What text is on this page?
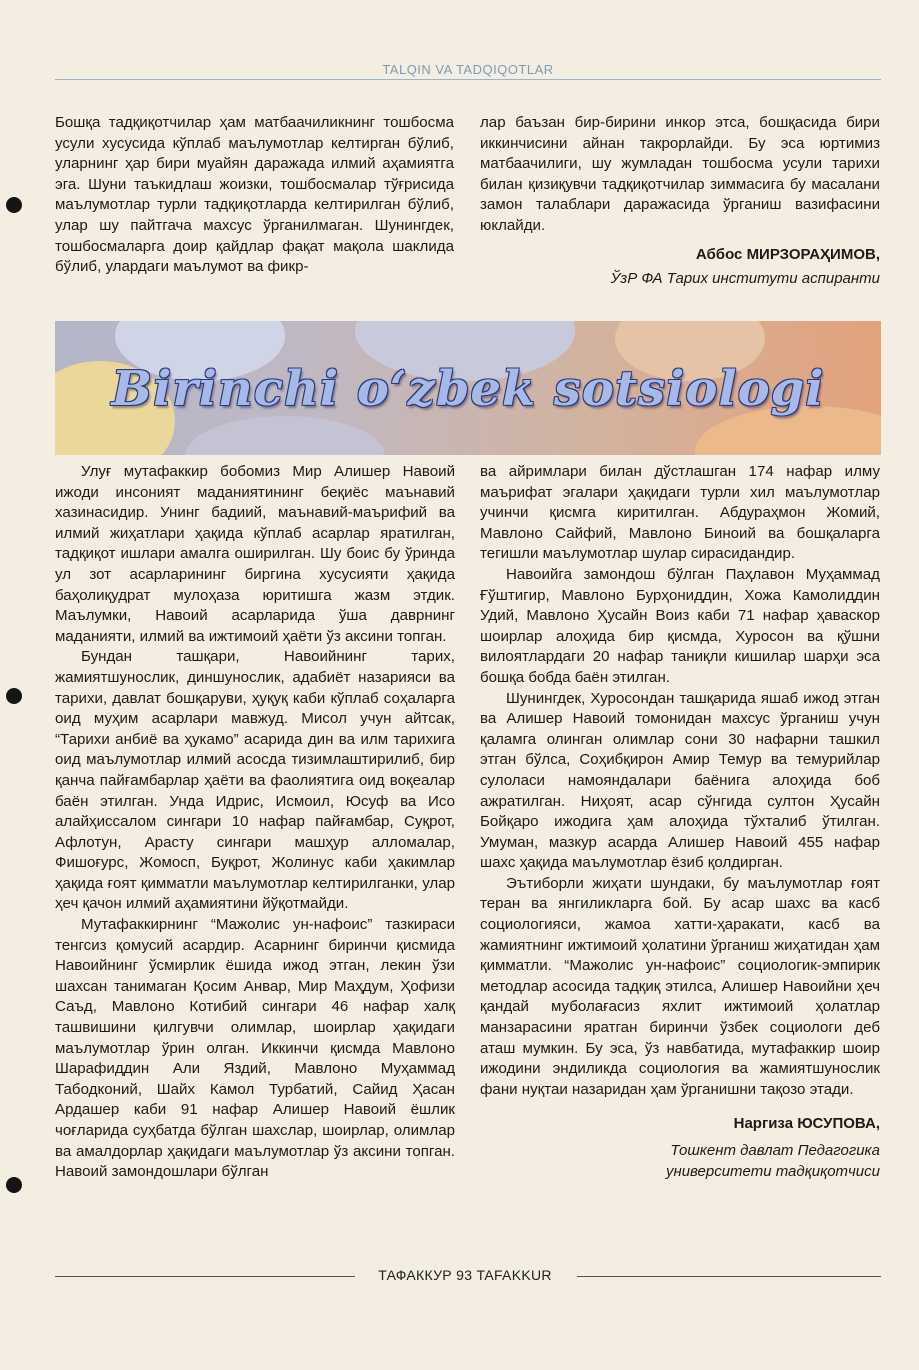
TALQIN VA TADQIQOTLAR

Бошқа тадқиқотчилар ҳам матбаачиликнинг тошбосма усули хусусида кўплаб маълумотлар келтирган бўлиб, уларнинг ҳар бири муайян даражада илмий аҳамиятга эга. Шуни таъкидлаш жоизки, тошбосмалар тўғрисида маълумотлар турли тадқиқотларда келтирилган бўлиб, улар шу пайтгача махсус ўрганилмаган. Шунингдек, тошбосмаларга доир қайдлар фақат мақола шаклида бўлиб, улардаги маълумот ва фикр-

лар баъзан бир-бирини инкор этса, бошқасида бири иккинчисини айнан такрорлайди. Бу эса юртимиз матбаачилиги, шу жумладан тошбосма усули тарихи билан қизиқувчи тадқиқотчилар зиммасига бу масалани замон талаблари даражасида ўрганиш вазифасини юклайди.

Аббос МИРЗОРАҲИМОВ,
ЎзР ФА Тарих институти аспиранти
Birinchi o‘zbek sotsiologi

Улуғ мутафаккир бобомиз Мир Алишер Навоий ижоди инсоният маданиятининг беқиёс маънавий хазинасидир. Унинг бадиий, маънавий-маърифий ва илмий жиҳатлари ҳақида кўплаб асарлар яратилган, тадқиқот ишлари амалга оширилган. Шу боис бу ўринда ул зот асарларининг биргина хусусияти ҳақида баҳолиқудрат мулоҳаза юритишга жазм этдик. Маълумки, Навоий асарларида ўша даврнинг маданияти, илмий ва ижтимоий ҳаёти ўз аксини топган.

Бундан ташқари, Навоийнинг тарих, жамиятшунослик, диншунослик, адабиёт назарияси ва тарихи, давлат бошқаруви, ҳуқуқ каби кўплаб соҳаларга оид муҳим асарлари мавжуд. Мисол учун айтсак, “Тарихи анбиё ва ҳукамо” асарида дин ва илм тарихига оид маълумотлар илмий асосда тизимлаштирилиб, бир қанча пайғамбарлар ҳаёти ва фаолиятига оид воқеалар баён этилган. Унда Идрис, Исмоил, Юсуф ва Исо алайҳиссалом сингари 10 нафар пайғамбар, Суқрот, Афлотун, Арасту сингари машҳур алломалар, Фишоғурс, Жомосп, Буқрот, Жолинус каби ҳакимлар ҳақида ғоят қимматли маълумотлар келтирилганки, улар ҳеч қачон илмий аҳамиятини йўқотмайди.

Мутафаккирнинг “Мажолис ун-нафоис” тазкираси тенгсиз қомусий асардир. Асарнинг биринчи қисмида Навоийнинг ўсмирлик ёшида ижод этган, лекин ўзи шахсан танимаган Қосим Анвар, Мир Маҳдум, Ҳофизи Саъд, Мавлоно Котибий сингари 46 нафар халқ ташвишини қилгувчи олимлар, шоирлар ҳақидаги маълумотлар ўрин олган. Иккинчи қисмда Мавлоно Шарафиддин Али Яздий, Мавлоно Муҳаммад Табодконий, Шайх Камол Турбатий, Сайид Ҳасан Ардашер каби 91 нафар Алишер Навоий ёшлик чоғларида суҳбатда бўлган шахслар, шоирлар, олимлар ва амалдорлар ҳақидаги маълумотлар ўз аксини топган. Навоий замондошлари бўлган

ва айримлари билан дўстлашган 174 нафар илму маърифат эгалари ҳақидаги турли хил маълумотлар учинчи қисмга киритилган. Абдураҳмон Жомий, Мавлоно Сайфий, Мавлоно Биноий ва бошқаларга тегишли маълумотлар шулар сирасидандир.

Навоийга замондош бўлган Паҳлавон Муҳаммад Ғўштигир, Мавлоно Бурҳониддин, Хожа Камолиддин Удий, Мавлоно Ҳусайн Воиз каби 71 нафар ҳаваскор шоирлар алоҳида бир қисмда, Хуросон ва қўшни вилоятлардаги 20 нафар таниқли кишилар шарҳи эса бошқа бобда баён этилган.

Шунингдек, Хуросондан ташқарида яшаб ижод этган ва Алишер Навоий томонидан махсус ўрганиш учун қаламга олинган олимлар сони 30 нафарни ташкил этган бўлса, Соҳибқирон Амир Темур ва темурийлар сулоласи намояндалари баёнига алоҳида боб ажратилган. Ниҳоят, асар сўнгида султон Ҳусайн Бойқаро ижодига ҳам алоҳида тўхталиб ўтилган. Умуман, мазкур асарда Алишер Навоий 455 нафар шахс ҳақида маълумотлар ёзиб қолдирган.

Эътиборли жиҳати шундаки, бу маълумотлар ғоят теран ва янгиликларга бой. Бу асар шахс ва касб социологияси, жамоа хатти-ҳаракати, касб ва жамиятнинг ижтимоий ҳолатини ўрганиш жиҳатидан ҳам қимматли. “Мажолис ун-нафоис” социологик-эмпирик методлар асосида тадқиқ этилса, Алишер Навоийни ҳеч қандай муболағасиз яхлит ижтимоий ҳолатлар манзарасини яратган биринчи ўзбек социологи деб аташ мумкин. Бу эса, ўз навбатида, мутафаккир шоир ижодини эндиликда социология ва жамиятшунослик фани нуқтаи назаридан ҳам ўрганишни тақозо этади.

Наргиза ЮСУПОВА,
Тошкент давлат Педагогика
университети тадқиқотчиси
ТАФАККУР 93 TAFAKKUR
